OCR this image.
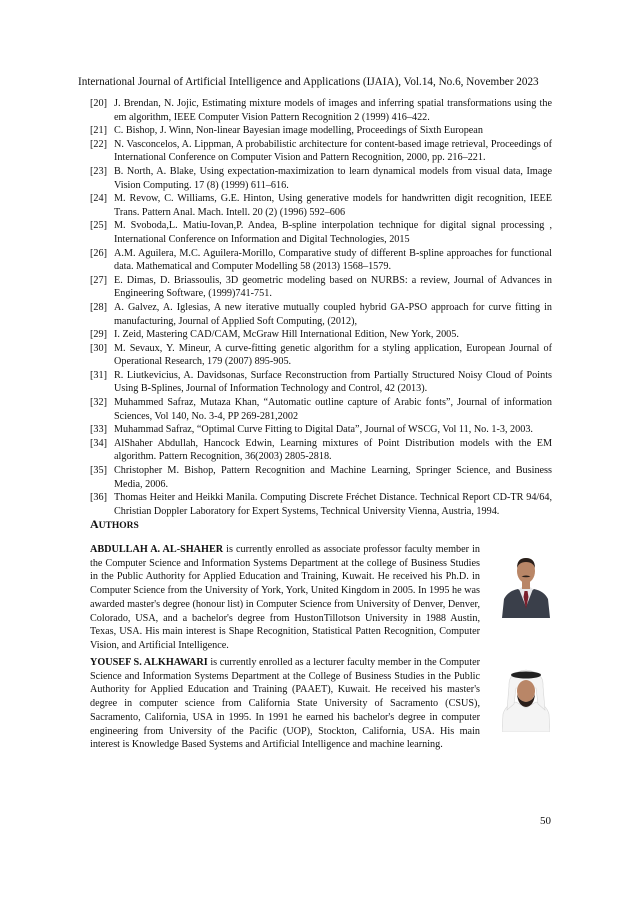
International Journal of Artificial Intelligence and Applications (IJAIA), Vol.14, No.6, November 2023
[20] J. Brendan, N. Jojic, Estimating mixture models of images and inferring spatial transformations using the em algorithm, IEEE Computer Vision Pattern Recognition 2 (1999) 416–422.
[21] C. Bishop, J. Winn, Non-linear Bayesian image modelling, Proceedings of Sixth European
[22] N. Vasconcelos, A. Lippman, A probabilistic architecture for content-based image retrieval, Proceedings of International Conference on Computer Vision and Pattern Recognition, 2000, pp. 216–221.
[23] B. North, A. Blake, Using expectation-maximization to learn dynamical models from visual data, Image Vision Computing. 17 (8) (1999) 611–616.
[24] M. Revow, C. Williams, G.E. Hinton, Using generative models for handwritten digit recognition, IEEE Trans. Pattern Anal. Mach. Intell. 20 (2) (1996) 592–606
[25] M. Svoboda,L. Matiu-Iovan,P. Andea, B-spline interpolation technique for digital signal processing , International Conference on Information and Digital Technologies, 2015
[26] A.M. Aguilera, M.C. Aguilera-Morillo, Comparative study of different B-spline approaches for functional data. Mathematical and Computer Modelling 58 (2013) 1568–1579.
[27] E. Dimas, D. Briassoulis, 3D geometric modeling based on NURBS: a review, Journal of Advances in Engineering Software, (1999)741-751.
[28] A. Galvez, A. Iglesias, A new iterative mutually coupled hybrid GA-PSO approach for curve fitting in manufacturing, Journal of Applied Soft Computing, (2012),
[29] I. Zeid, Mastering CAD/CAM, McGraw Hill International Edition, New York, 2005.
[30] M. Sevaux, Y. Mineur, A curve-fitting genetic algorithm for a styling application, European Journal of Operational Research, 179 (2007) 895-905.
[31] R. Liutkevicius, A. Davidsonas, Surface Reconstruction from Partially Structured Noisy Cloud of Points Using B-Splines, Journal of Information Technology and Control, 42 (2013).
[32] Muhammed Safraz, Mutaza Khan, “Automatic outline capture of Arabic fonts”, Journal of information Sciences, Vol 140, No. 3-4, PP 269-281,2002
[33] Muhammad Safraz, “Optimal Curve Fitting to Digital Data”, Journal of WSCG, Vol 11, No. 1-3, 2003.
[34] AlShaher Abdullah, Hancock Edwin, Learning mixtures of Point Distribution models with the EM algorithm. Pattern Recognition, 36(2003) 2805-2818.
[35] Christopher M. Bishop, Pattern Recognition and Machine Learning, Springer Science, and Business Media, 2006.
[36] Thomas Heiter and Heikki Manila. Computing Discrete Fréchet Distance. Technical Report CD-TR 94/64, Christian Doppler Laboratory for Expert Systems, Technical University Vienna, Austria, 1994.
AUTHORS

ABDULLAH A. AL-SHAHER is currently enrolled as associate professor faculty member in the Computer Science and Information Systems Department at the college of Business Studies in the Public Authority for Applied Education and Training, Kuwait. He received his Ph.D. in Computer Science from the University of York, York, United Kingdom in 2005. In 1995 he was awarded master's degree (honour list) in Computer Science from University of Denver, Denver, Colorado, USA, and a bachelor's degree from HustonTillotson University in 1988 Austin, Texas, USA. His main interest is Shape Recognition, Statistical Patten Recognition, Computer Vision, and Artificial Intelligence.

YOUSEF S. ALKHAWARI is currently enrolled as a lecturer faculty member in the Computer Science and Information Systems Department at the College of Business Studies in the Public Authority for Applied Education and Training (PAAET), Kuwait. He received his master's degree in computer science from California State University of Sacramento (CSUS), Sacramento, California, USA in 1995. In 1991 he earned his bachelor's degree in computer engineering from University of the Pacific (UOP), Stockton, California, USA. His main interest is Knowledge Based Systems and Artificial Intelligence and machine learning.

50
